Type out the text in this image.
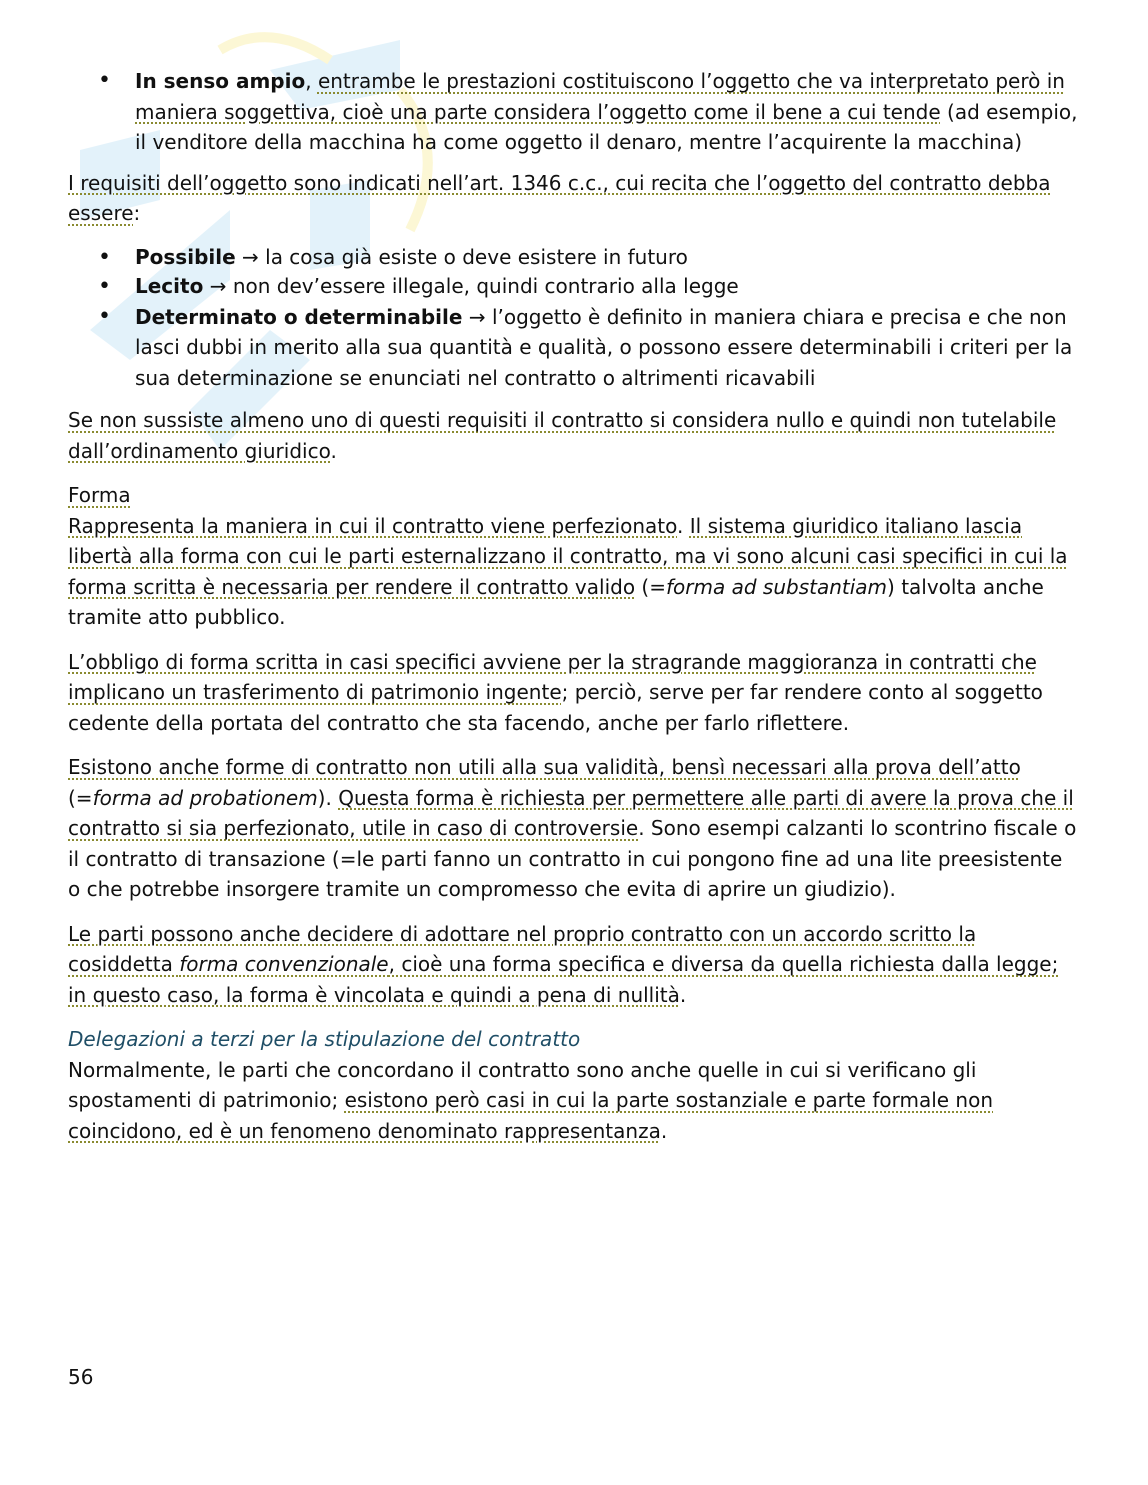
• In senso ampio, entrambe le prestazioni costituiscono l’oggetto che va interpretato però in maniera soggettiva, cioè una parte considera l’oggetto come il bene a cui tende (ad esempio, il venditore della macchina ha come oggetto il denaro, mentre l’acquirente la macchina)

I requisiti dell’oggetto sono indicati nell’art. 1346 c.c., cui recita che l’oggetto del contratto debba essere:

• Possibile → la cosa già esiste o deve esistere in futuro
• Lecito → non dev’essere illegale, quindi contrario alla legge
• Determinato o determinabile → l’oggetto è definito in maniera chiara e precisa e che non lasci dubbi in merito alla sua quantità e qualità, o possono essere determinabili i criteri per la sua determinazione se enunciati nel contratto o altrimenti ricavabili

Se non sussiste almeno uno di questi requisiti il contratto si considera nullo e quindi non tutelabile dall’ordinamento giuridico.

Forma

Rappresenta la maniera in cui il contratto viene perfezionato. Il sistema giuridico italiano lascia libertà alla forma con cui le parti esternalizzano il contratto, ma vi sono alcuni casi specifici in cui la forma scritta è necessaria per rendere il contratto valido (=forma ad substantiam) talvolta anche tramite atto pubblico.

L’obbligo di forma scritta in casi specifici avviene per la stragrande maggioranza in contratti che implicano un trasferimento di patrimonio ingente; perciò, serve per far rendere conto al soggetto cedente della portata del contratto che sta facendo, anche per farlo riflettere.

Esistono anche forme di contratto non utili alla sua validità, bensì necessari alla prova dell’atto (=forma ad probationem). Questa forma è richiesta per permettere alle parti di avere la prova che il contratto si sia perfezionato, utile in caso di controversie. Sono esempi calzanti lo scontrino fiscale o il contratto di transazione (=le parti fanno un contratto in cui pongono fine ad una lite preesistente o che potrebbe insorgere tramite un compromesso che evita di aprire un giudizio).

Le parti possono anche decidere di adottare nel proprio contratto con un accordo scritto la cosiddetta forma convenzionale, cioè una forma specifica e diversa da quella richiesta dalla legge; in questo caso, la forma è vincolata e quindi a pena di nullità.

Delegazioni a terzi per la stipulazione del contratto

Normalmente, le parti che concordano il contratto sono anche quelle in cui si verificano gli spostamenti di patrimonio; esistono però casi in cui la parte sostanziale e parte formale non coincidono, ed è un fenomeno denominato rappresentanza.

56
